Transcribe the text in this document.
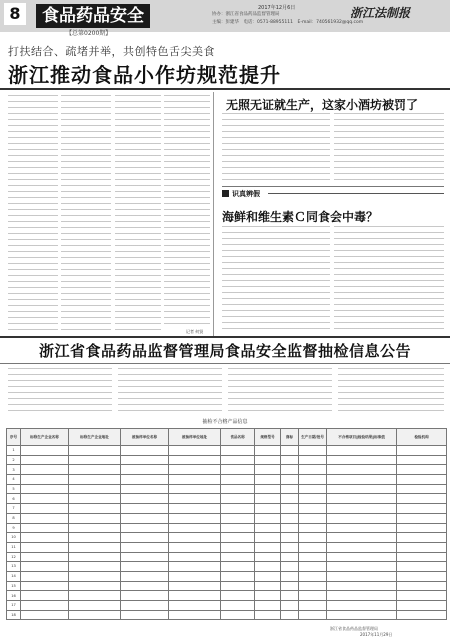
8	食品药品安全	2017年12月6日
协办：浙江省食品药品监督管理局
主编：彭建华　电话：0571-88955111　E-mail：740561932@qq.com
浙江法制报
【总第0200期】
打扶结合、疏堵并举，共创特色舌尖美食
浙江推动食品小作坊规范提升
记者 何贤
无照无证就生产，这家小酒坊被罚了
识真辨假
海鲜和维生素Ｃ同食会中毒？
浙江省食品药品监督管理局食品安全监督抽检信息公告
抽检不合格产品信息
序号	标称生产企业名称	标称生产企业地址	被抽样单位名称	被抽样单位地址	食品名称	规格型号	商标	生产日期/批号	不合格项目‖检验结果‖标准值	检验机构
1										
2										
3										
4										
5										
6										
7										
8										
9										
10										
11										
12										
13										
14										
15										
16										
17										
18										
浙江省食品药品监督管理局
2017年11月29日
